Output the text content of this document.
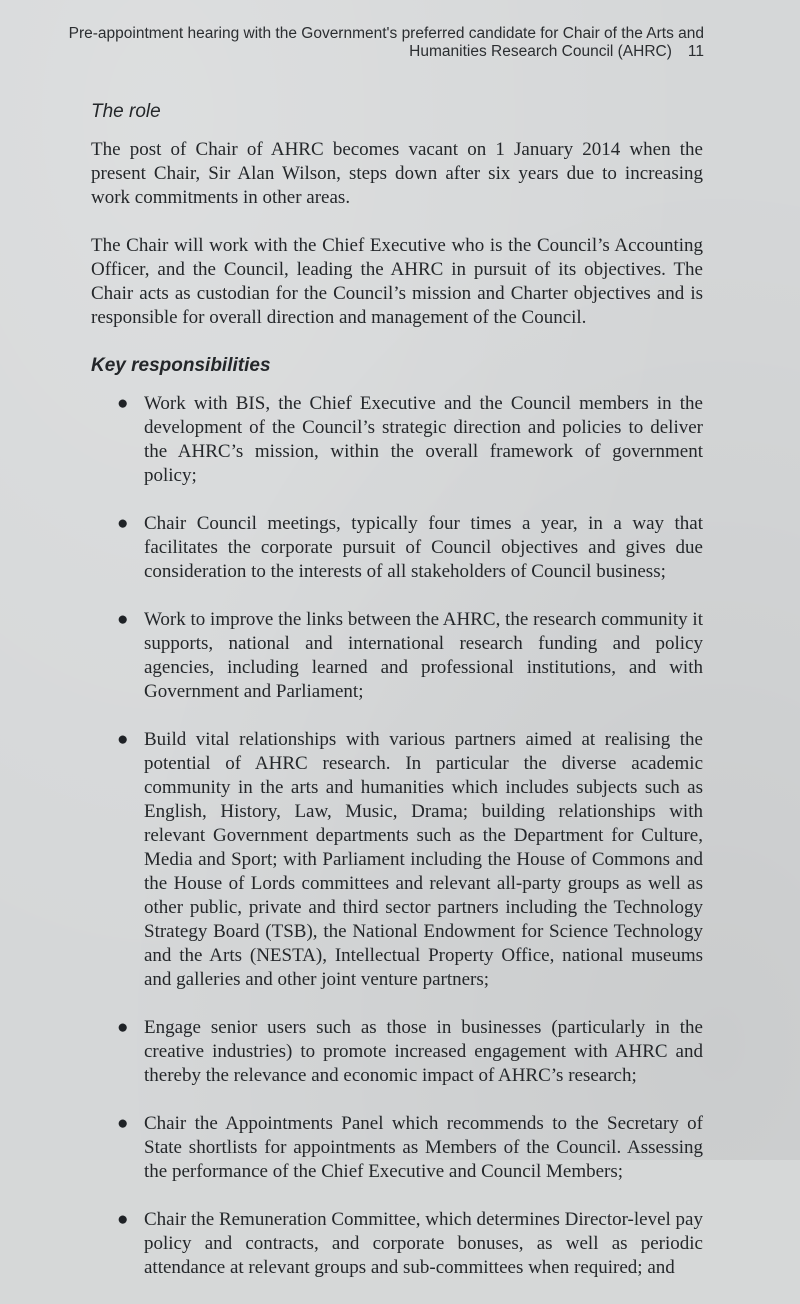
Pre-appointment hearing with the Government's preferred candidate for Chair of the Arts and Humanities Research Council (AHRC) 11
The role

The post of Chair of AHRC becomes vacant on 1 January 2014 when the present Chair, Sir Alan Wilson, steps down after six years due to increasing work commitments in other areas.

The Chair will work with the Chief Executive who is the Council’s Accounting Officer, and the Council, leading the AHRC in pursuit of its objectives. The Chair acts as custodian for the Council’s mission and Charter objectives and is responsible for overall direction and management of the Council.

Key responsibilities
● Work with BIS, the Chief Executive and the Council members in the development of the Council’s strategic direction and policies to deliver the AHRC’s mission, within the overall framework of government policy;

● Chair Council meetings, typically four times a year, in a way that facilitates the corporate pursuit of Council objectives and gives due consideration to the interests of all stakeholders of Council business;

● Work to improve the links between the AHRC, the research community it supports, national and international research funding and policy agencies, including learned and professional institutions, and with Government and Parliament;

● Build vital relationships with various partners aimed at realising the potential of AHRC research. In particular the diverse academic community in the arts and humanities which includes subjects such as English, History, Law, Music, Drama; building relationships with relevant Government departments such as the Department for Culture, Media and Sport; with Parliament including the House of Commons and the House of Lords committees and relevant all-party groups as well as other public, private and third sector partners including the Technology Strategy Board (TSB), the National Endowment for Science Technology and the Arts (NESTA), Intellectual Property Office, national museums and galleries and other joint venture partners;

● Engage senior users such as those in businesses (particularly in the creative industries) to promote increased engagement with AHRC and thereby the relevance and economic impact of AHRC’s research;

● Chair the Appointments Panel which recommends to the Secretary of State shortlists for appointments as Members of the Council. Assessing the performance of the Chief Executive and Council Members;

● Chair the Remuneration Committee, which determines Director-level pay policy and contracts, and corporate bonuses, as well as periodic attendance at relevant groups and sub-committees when required; and
